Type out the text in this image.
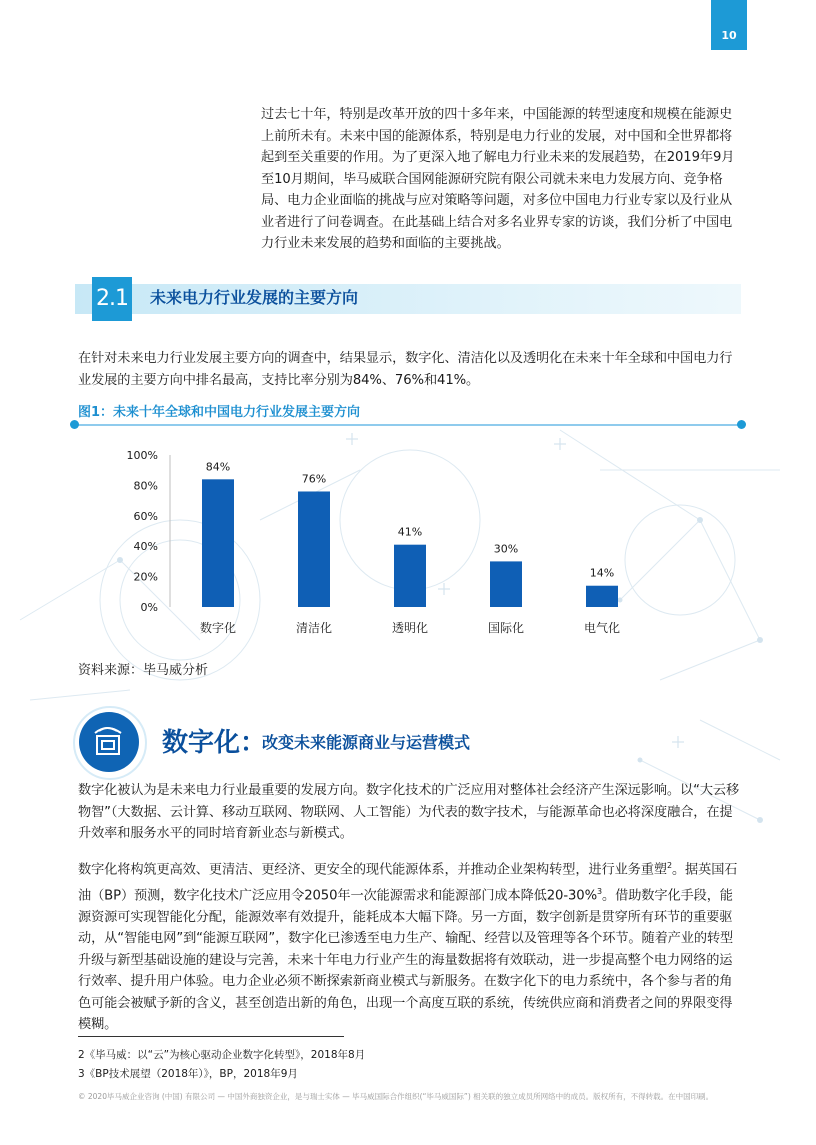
10
过去七十年，特别是改革开放的四十多年来，中国能源的转型速度和规模在能源史上前所未有。未来中国的能源体系，特别是电力行业的发展，对中国和全世界都将起到至关重要的作用。为了更深入地了解电力行业未来的发展趋势，在2019年9月至10月期间，毕马威联合国网能源研究院有限公司就未来电力发展方向、竞争格局、电力企业面临的挑战与应对策略等问题，对多位中国电力行业专家以及行业从业者进行了问卷调查。在此基础上结合对多名业界专家的访谈，我们分析了中国电力行业未来发展的趋势和面临的主要挑战。
2.1 未来电力行业发展的主要方向
在针对未来电力行业发展主要方向的调查中，结果显示，数字化、清洁化以及透明化在未来十年全球和中国电力行业发展的主要方向中排名最高，支持比率分别为84%、76%和41%。
图1：未来十年全球和中国电力行业发展主要方向
0%
20%
40%
60%
80%
100%
84%
数字化
76%
清洁化
41%
透明化
30%
国际化
14%
电气化
资料来源：毕马威分析
数字化：
改变未来能源商业与运营模式
数字化被认为是未来电力行业最重要的发展方向。数字化技术的广泛应用对整体社会经济产生深远影响。以“大云移物智”（大数据、云计算、移动互联网、物联网、人工智能）为代表的数字技术，与能源革命也必将深度融合，在提升效率和服务水平的同时培育新业态与新模式。
数字化将构筑更高效、更清洁、更经济、更安全的现代能源体系，并推动企业架构转型，进行业务重塑$^2$。据英国石油（BP）预测，数字化技术广泛应用令2050年一次能源需求和能源部门成本降低20-30%$^3$。借助数字化手段，能源资源可实现智能化分配，能源效率有效提升，能耗成本大幅下降。另一方面，数字创新是贯穿所有环节的重要驱动，从“智能电网”到“能源互联网”，数字化已渗透至电力生产、输配、经营以及管理等各个环节。随着产业的转型升级与新型基础设施的建设与完善，未来十年电力行业产生的海量数据将有效联动，进一步提高整个电力网络的运行效率、提升用户体验。电力企业必须不断探索新商业模式与新服务。在数字化下的电力系统中，各个参与者的角色可能会被赋予新的含义，甚至创造出新的角色，出现一个高度互联的系统，传统供应商和消费者之间的界限变得模糊。
2《毕马威：以“云”为核心驱动企业数字化转型》，2018年8月
3《BP技术展望（2018年）》，BP，2018年9月
© 2020毕马威企业咨询 (中国) 有限公司 — 中国外商独资企业，是与瑞士实体 — 毕马威国际合作组织(“毕马威国际”) 相关联的独立成员所网络中的成员。版权所有，不得转载。在中国印刷。
